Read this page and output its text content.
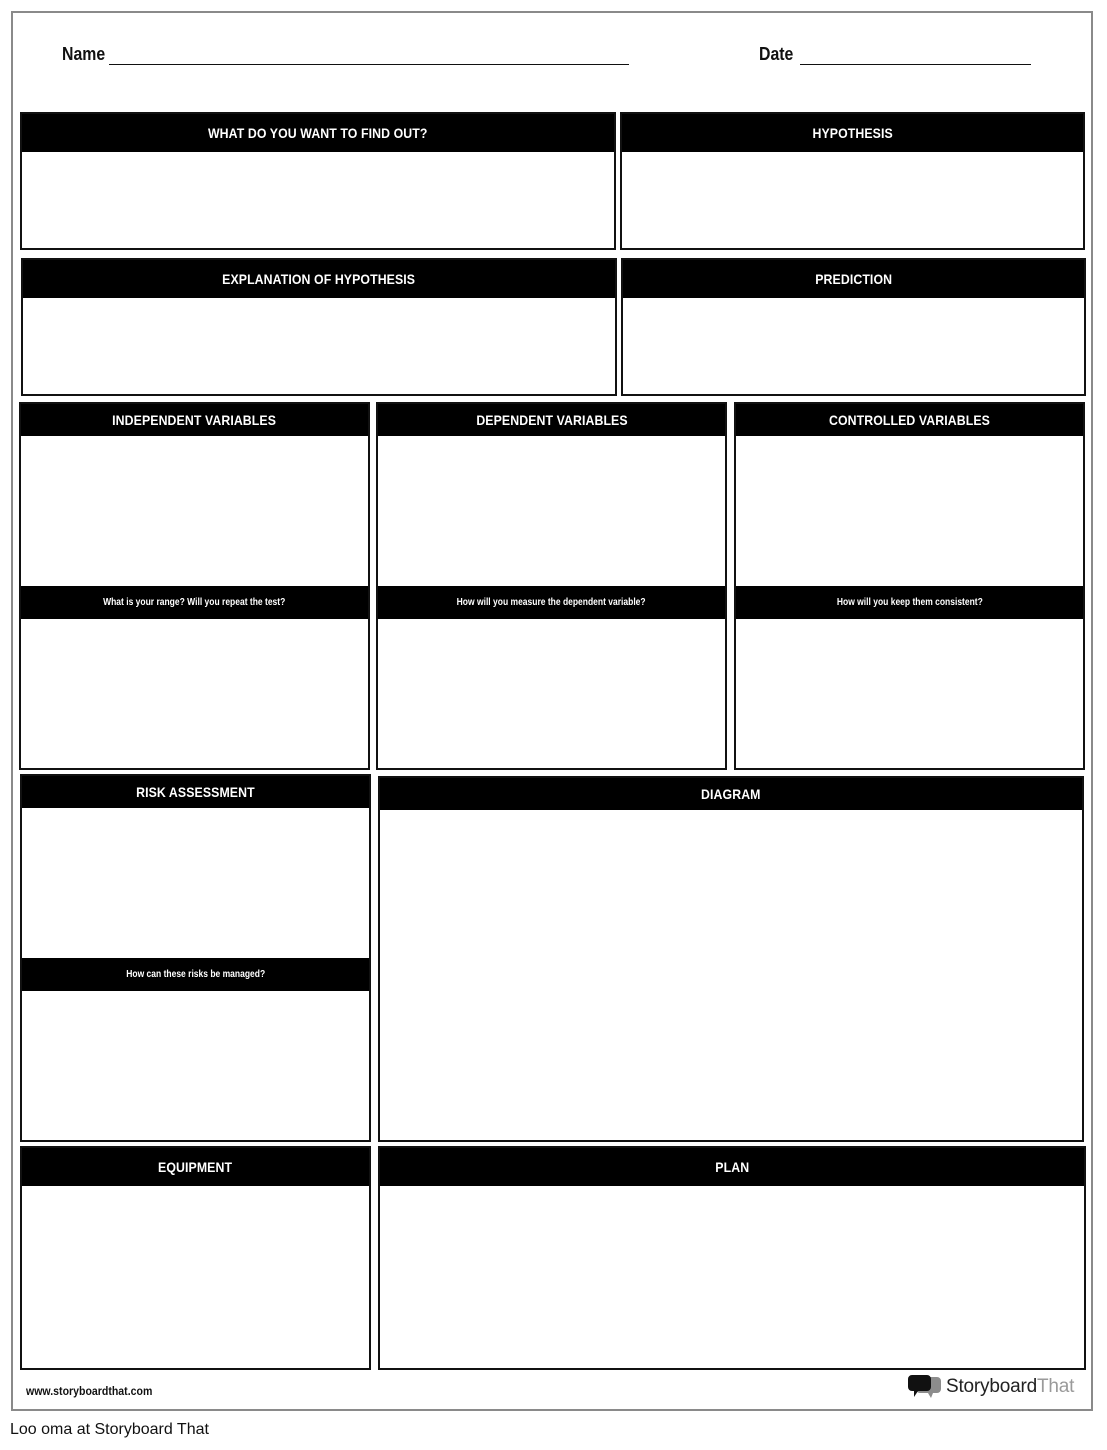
Name	Date
WHAT DO YOU WANT TO FIND OUT?	HYPOTHESIS
EXPLANATION OF HYPOTHESIS	PREDICTION
INDEPENDENT VARIABLES
What is your range? Will you repeat the test?
DEPENDENT VARIABLES
How will you measure the dependent variable?
CONTROLLED VARIABLES
How will you keep them consistent?
RISK ASSESSMENT
How can these risks be managed?
DIAGRAM
EQUIPMENT	PLAN
www.storyboardthat.com	StoryboardThat
Loo oma at Storyboard That
